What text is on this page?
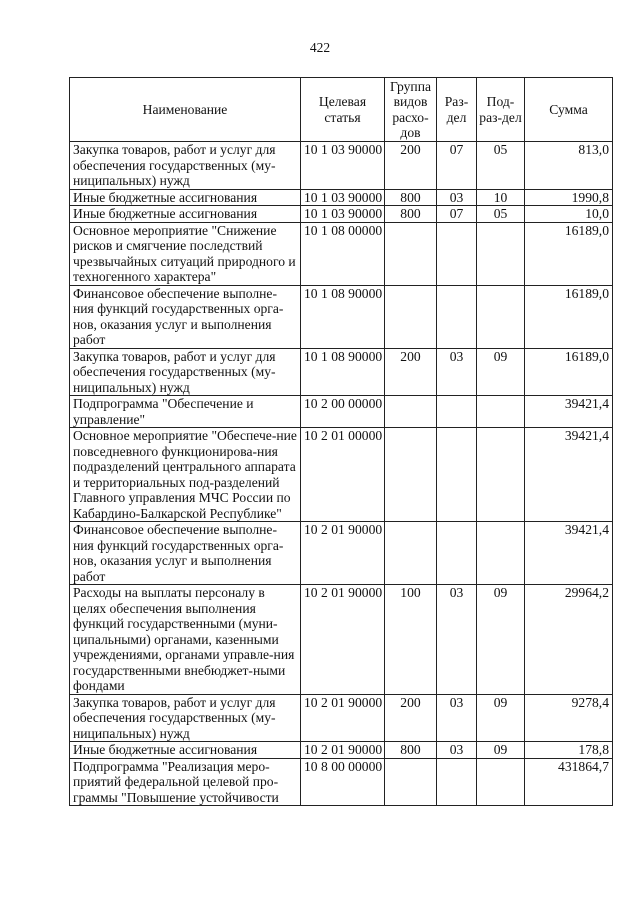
422
Наименование	Целевая статья	Группа видов расхо-дов	Раз-дел	Под-раз-дел	Сумма
Закупка товаров, работ и услуг для обеспечения государственных (му-ниципальных) нужд	10 1 03 90000	200	07	05	813,0
Иные бюджетные ассигнования	10 1 03 90000	800	03	10	1990,8
Иные бюджетные ассигнования	10 1 03 90000	800	07	05	10,0
Основное мероприятие "Снижение рисков и смягчение последствий чрезвычайных ситуаций природного и техногенного характера"	10 1 08 00000				16189,0
Финансовое обеспечение выполне-ния функций государственных орга-нов, оказания услуг и выполнения работ	10 1 08 90000				16189,0
Закупка товаров, работ и услуг для обеспечения государственных (му-ниципальных) нужд	10 1 08 90000	200	03	09	16189,0
Подпрограмма "Обеспечение и управление"	10 2 00 00000				39421,4
Основное мероприятие "Обеспече-ние повседневного функционирова-ния подразделений центрального аппарата и территориальных под-разделений Главного управления МЧС России по Кабардино-Балкарской Республике"	10 2 01 00000				39421,4
Финансовое обеспечение выполне-ния функций государственных орга-нов, оказания услуг и выполнения работ	10 2 01 90000				39421,4
Расходы на выплаты персоналу в целях обеспечения выполнения функций государственными (муни-ципальными) органами, казенными учреждениями, органами управле-ния государственными внебюджет-ными фондами	10 2 01 90000	100	03	09	29964,2
Закупка товаров, работ и услуг для обеспечения государственных (му-ниципальных) нужд	10 2 01 90000	200	03	09	9278,4
Иные бюджетные ассигнования	10 2 01 90000	800	03	09	178,8
Подпрограмма "Реализация меро-приятий федеральной целевой про-граммы "Повышение устойчивости	10 8 00 00000				431864,7
